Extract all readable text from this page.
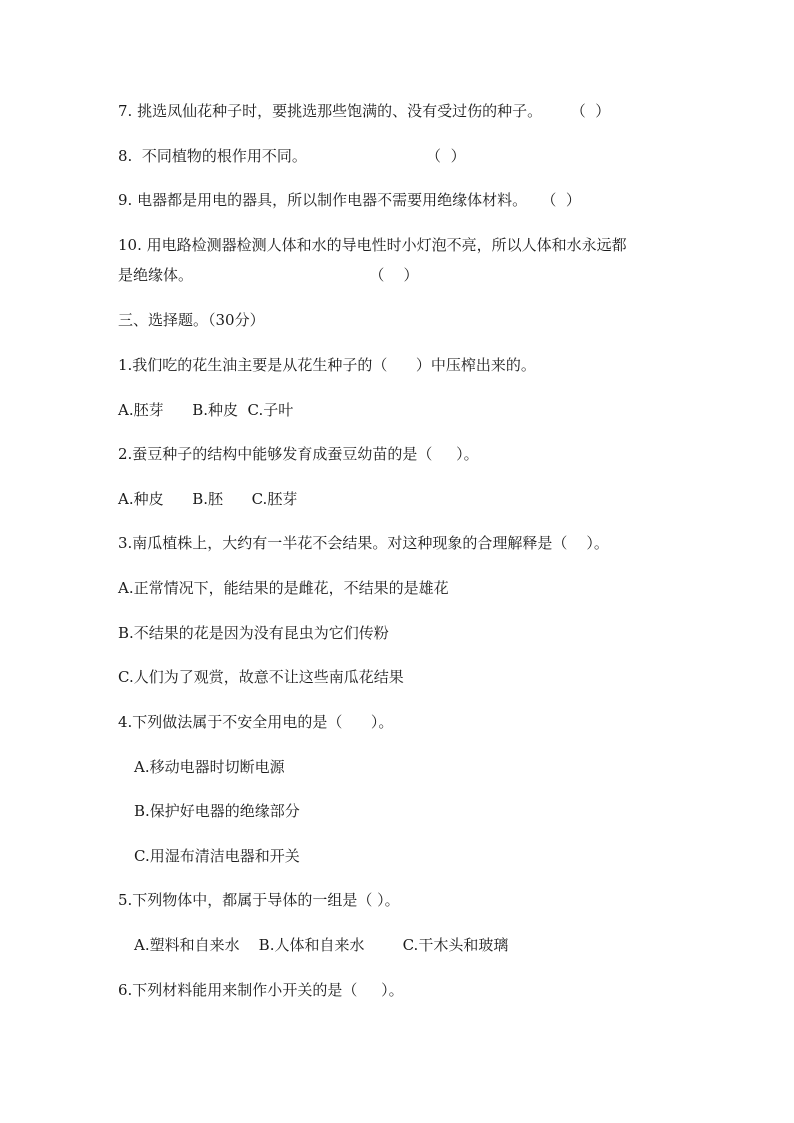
7. 挑选凤仙花种子时，要挑选那些饱满的、没有受过伤的种子。      （  ）
8.  不同植物的根作用不同。                         （  ）
9. 电器都是用电的器具，所以制作电器不需要用绝缘体材料。   （  ）
10. 用电路检测器检测人体和水的导电性时小灯泡不亮，所以人体和水永远都
是绝缘体。                                     （    ）
三、选择题。（30分）
1.我们吃的花生油主要是从花生种子的（      ）中压榨出来的。
A.胚芽      B.种皮  C.子叶
2.蚕豆种子的结构中能够发育成蚕豆幼苗的是（     ）。
A.种皮      B.胚      C.胚芽
3.南瓜植株上，大约有一半花不会结果。对这种现象的合理解释是（    ）。
A.正常情况下，能结果的是雌花，不结果的是雄花
B.不结果的花是因为没有昆虫为它们传粉
C.人们为了观赏，故意不让这些南瓜花结果
4.下列做法属于不安全用电的是（      ）。
A.移动电器时切断电源
B.保护好电器的绝缘部分
C.用湿布清洁电器和开关
5.下列物体中，都属于导体的一组是（ ）。
A.塑料和自来水    B.人体和自来水        C.干木头和玻璃
6.下列材料能用来制作小开关的是（     ）。
